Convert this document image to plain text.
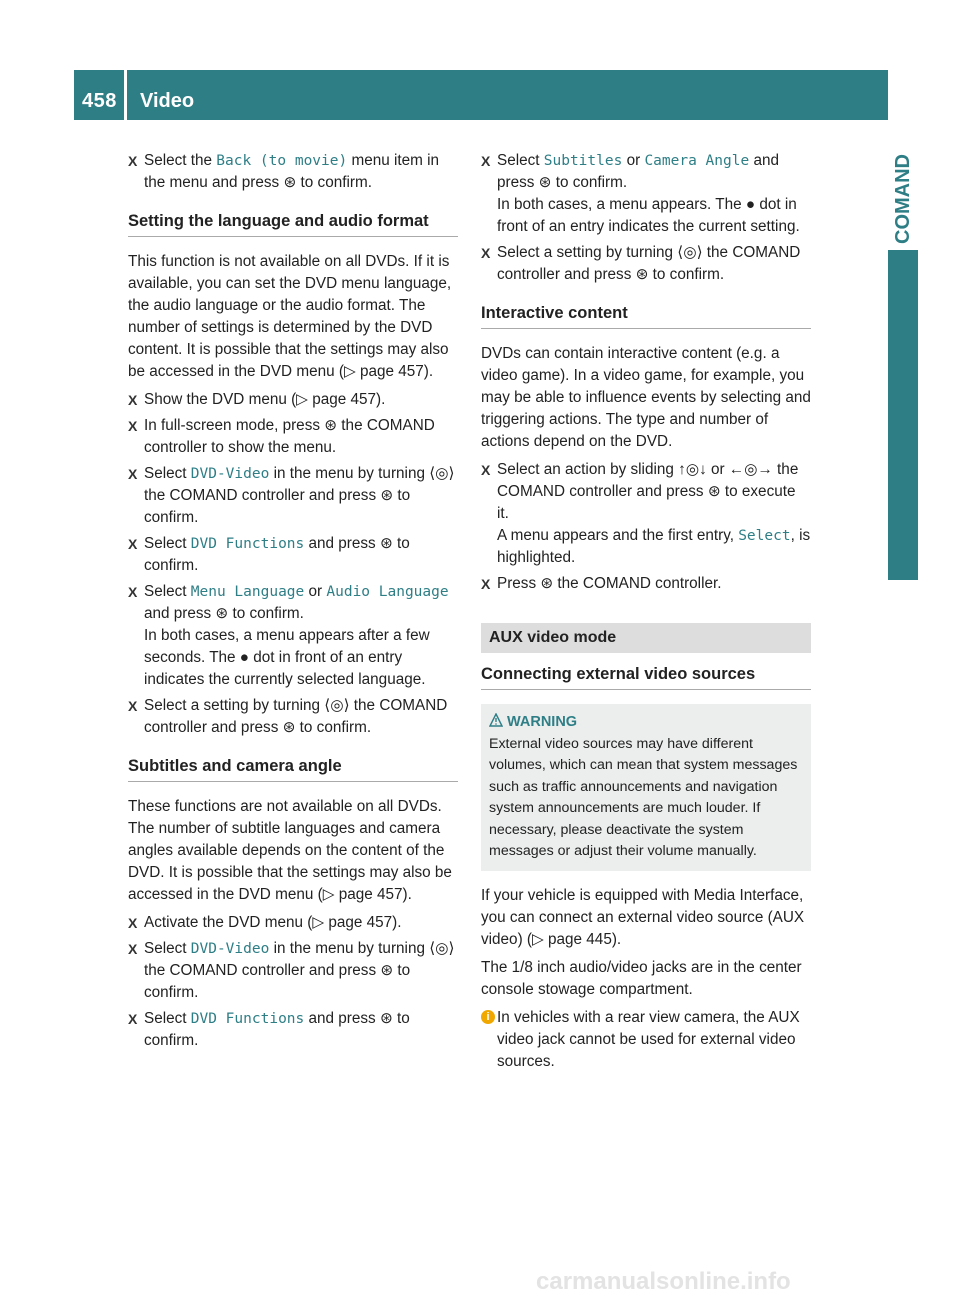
458 Video
COMAND
X Select the Back (to movie) menu item in the menu and press ⊛ to confirm.
Setting the language and audio format

This function is not available on all DVDs. If it is available, you can set the DVD menu language, the audio language or the audio format. The number of settings is determined by the DVD content. It is possible that the settings may also be accessed in the DVD menu (▷ page 457).

X Show the DVD menu (▷ page 457).
X In full-screen mode, press ⊛ the COMAND controller to show the menu.
X Select DVD-Video in the menu by turning ⟨◎⟩ the COMAND controller and press ⊛ to confirm.
X Select DVD Functions and press ⊛ to confirm.
X Select Menu Language or Audio Language and press ⊛ to confirm.
In both cases, a menu appears after a few seconds. The ● dot in front of an entry indicates the currently selected language.
X Select a setting by turning ⟨◎⟩ the COMAND controller and press ⊛ to confirm.
Subtitles and camera angle

These functions are not available on all DVDs. The number of subtitle languages and camera angles available depends on the content of the DVD. It is possible that the settings may also be accessed in the DVD menu (▷ page 457).

X Activate the DVD menu (▷ page 457).
X Select DVD-Video in the menu by turning ⟨◎⟩ the COMAND controller and press ⊛ to confirm.
X Select DVD Functions and press ⊛ to confirm.
X Select Subtitles or Camera Angle and press ⊛ to confirm.
In both cases, a menu appears. The ● dot in front of an entry indicates the current setting.
X Select a setting by turning ⟨◎⟩ the COMAND controller and press ⊛ to confirm.
Interactive content

DVDs can contain interactive content (e.g. a video game). In a video game, for example, you may be able to influence events by selecting and triggering actions. The type and number of actions depend on the DVD.

X Select an action by sliding ↑◎↓ or ←◎→ the COMAND controller and press ⊛ to execute it.
A menu appears and the first entry, Select, is highlighted.
X Press ⊛ the COMAND controller.
AUX video mode
Connecting external video sources
WARNING
External video sources may have different volumes, which can mean that system messages such as traffic announcements and navigation system announcements are much louder. If necessary, please deactivate the system messages or adjust their volume manually.

If your vehicle is equipped with Media Interface, you can connect an external video source (AUX video) (▷ page 445).

The 1/8 inch audio/video jacks are in the center console stowage compartment.

i In vehicles with a rear view camera, the AUX video jack cannot be used for external video sources.
carmanualsonline.info
